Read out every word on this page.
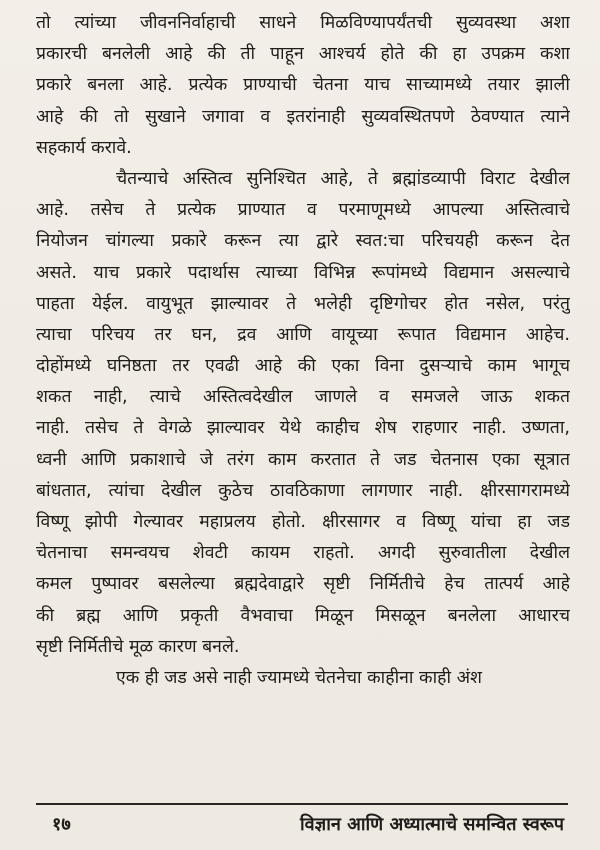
तो त्यांच्या जीवननिर्वाहाची साधने मिळविण्यापर्यंतची सुव्यवस्था अशा
प्रकारची बनलेली आहे की ती पाहून आश्चर्य होते की हा उपक्रम कशा
प्रकारे बनला आहे. प्रत्येक प्राण्याची चेतना याच साच्यामध्ये तयार झाली
आहे की तो सुखाने जगावा व इतरांनाही सुव्यवस्थितपणे ठेवण्यात त्याने
सहकार्य करावे.
चैतन्याचे अस्तित्व सुनिश्चित आहे, ते ब्रह्मांडव्यापी विराट देखील
आहे. तसेच ते प्रत्येक प्राण्यात व परमाणूमध्ये आपल्या अस्तित्वाचे
नियोजन चांगल्या प्रकारे करून त्या द्वारे स्वत:चा परिचयही करून देत
असते. याच प्रकारे पदार्थास त्याच्या विभिन्न रूपांमध्ये विद्यमान असल्याचे
पाहता येईल. वायुभूत झाल्यावर ते भलेही दृष्टिगोचर होत नसेल, परंतु
त्याचा परिचय तर घन, द्रव आणि वायूच्या रूपात विद्यमान आहेच.
दोहोंमध्ये घनिष्ठता तर एवढी आहे की एका विना दुसऱ्याचे काम भागूच
शकत नाही, त्याचे अस्तित्वदेखील जाणले व समजले जाऊ शकत
नाही. तसेच ते वेगळे झाल्यावर येथे काहीच शेष राहणार नाही. उष्णता,
ध्वनी आणि प्रकाशाचे जे तरंग काम करतात ते जड चेतनास एका सूत्रात
बांधतात, त्यांचा देखील कुठेच ठावठिकाणा लागणार नाही. क्षीरसागरामध्ये
विष्णू झोपी गेल्यावर महाप्रलय होतो. क्षीरसागर व विष्णू यांचा हा जड
चेतनाचा समन्वयच शेवटी कायम राहतो. अगदी सुरुवातीला देखील
कमल पुष्पावर बसलेल्या ब्रह्मदेवाद्वारे सृष्टी निर्मितीचे हेच तात्पर्य आहे
की ब्रह्म आणि प्रकृती वैभवाचा मिळून मिसळून बनलेला आधारच
सृष्टी निर्मितीचे मूळ कारण बनले.
एक ही जड असे नाही ज्यामध्ये चेतनेचा काहीना काही अंश
१७	विज्ञान आणि अध्यात्माचे समन्वित स्वरूप
